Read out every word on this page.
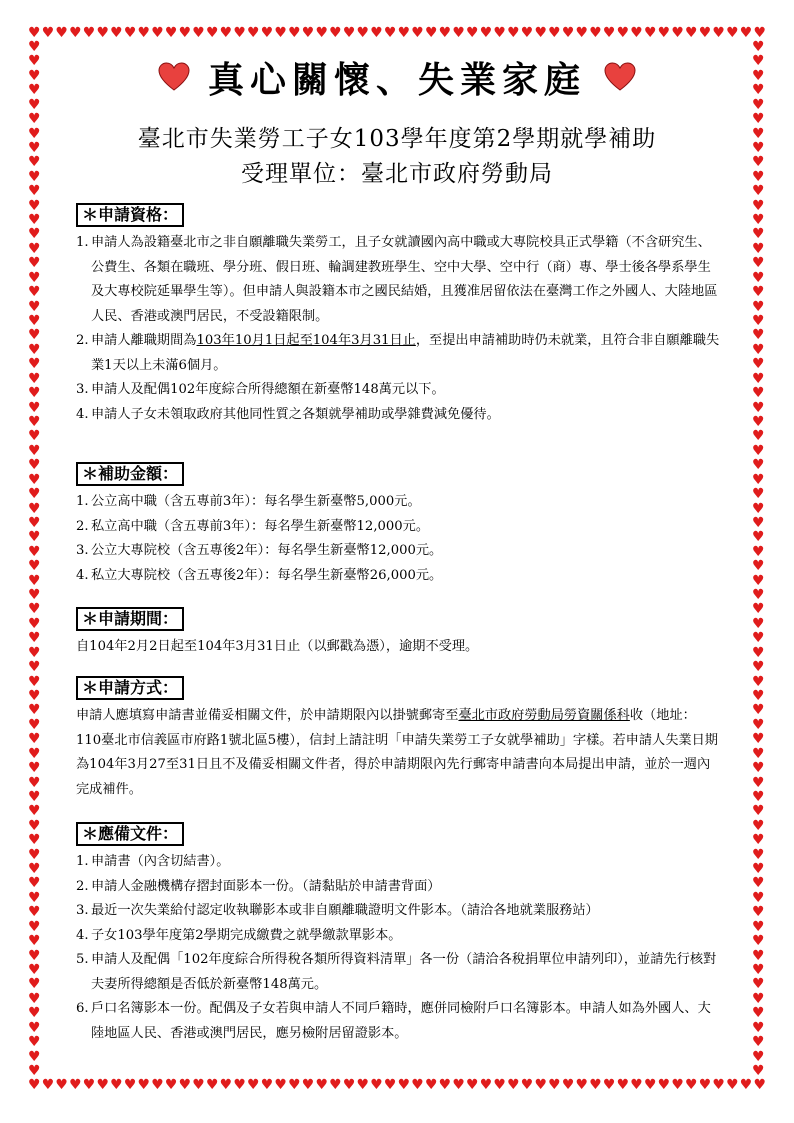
♥ ♥ ♥ ♥ ♥ ♥ ♥ ♥ ♥ ♥ ♥ ♥ ♥ ♥ ♥ ♥ ♥ ♥ ♥ ♥ ♥ ♥ ♥ ♥ ♥ ♥ ♥ ♥ ♥ ♥ ♥ ♥ ♥ ♥ ♥ ♥ ♥ ♥ ♥ ♥ ♥ ♥ ♥ ♥ ♥ ♥ ♥ ♥ ♥ ♥ ♥ ♥ ♥ ♥
♥ ♥ ♥ ♥ ♥ ♥ ♥ ♥ ♥ ♥ ♥ ♥ ♥ ♥ ♥ ♥ ♥ ♥ ♥ ♥ ♥ ♥ ♥ ♥ ♥ ♥ ♥ ♥ ♥ ♥ ♥ ♥ ♥ ♥ ♥ ♥ ♥ ♥ ♥ ♥ ♥ ♥ ♥ ♥ ♥ ♥ ♥ ♥ ♥ ♥ ♥ ♥ ♥ ♥
♥
♥
♥
♥
♥
♥
♥
♥
♥
♥
♥
♥
♥
♥
♥
♥
♥
♥
♥
♥
♥
♥
♥
♥
♥
♥
♥
♥
♥
♥
♥
♥
♥
♥
♥
♥
♥
♥
♥
♥
♥
♥
♥
♥
♥
♥
♥
♥
♥
♥
♥
♥
♥
♥
♥
♥
♥
♥
♥
♥
♥
♥
♥
♥
♥
♥
♥
♥
♥
♥
♥
♥
♥
♥
♥
♥
♥
♥
♥
♥
♥
♥
♥
♥
♥
♥
♥
♥
♥
♥
♥
♥
♥
♥
♥
♥
♥
♥
♥
♥
♥
♥
♥
♥
♥
♥
♥
♥
♥
♥
♥
♥
♥
♥
♥
♥
♥
♥
♥
♥
♥
♥
♥
♥
♥
♥
♥
♥
♥
♥
♥
♥
♥
♥
♥
♥
♥
♥
♥
♥
♥
♥
♥
♥
真心關懷、失業家庭
臺北市失業勞工子女103學年度第2學期就學補助
受理單位：臺北市政府勞動局
＊申請資格：
1. 申請人為設籍臺北市之非自願離職失業勞工，且子女就讀國內高中職或大專院校具正式學籍（不含研究生、公費生、各類在職班、學分班、假日班、輪調建教班學生、空中大學、空中行（商）專、學士後各學系學生及大專校院延畢學生等）。但申請人與設籍本市之國民結婚，且獲准居留依法在臺灣工作之外國人、大陸地區人民、香港或澳門居民，不受設籍限制。
2. 申請人離職期間為103年10月1日起至104年3月31日止，至提出申請補助時仍未就業，且符合非自願離職失業1天以上未滿6個月。
3. 申請人及配偶102年度綜合所得總額在新臺幣148萬元以下。
4. 申請人子女未領取政府其他同性質之各類就學補助或學雜費減免優待。
＊補助金額：
1. 公立高中職（含五專前3年）：每名學生新臺幣5,000元。
2. 私立高中職（含五專前3年）：每名學生新臺幣12,000元。
3. 公立大專院校（含五專後2年）：每名學生新臺幣12,000元。
4. 私立大專院校（含五專後2年）：每名學生新臺幣26,000元。
＊申請期間：
自104年2月2日起至104年3月31日止（以郵戳為憑），逾期不受理。
＊申請方式：
申請人應填寫申請書並備妥相關文件，於申請期限內以掛號郵寄至臺北市政府勞動局勞資關係科收（地址：110臺北市信義區市府路1號北區5樓），信封上請註明「申請失業勞工子女就學補助」字樣。若申請人失業日期為104年3月27至31日且不及備妥相關文件者，得於申請期限內先行郵寄申請書向本局提出申請，並於一週內完成補件。
＊應備文件：
1. 申請書（內含切結書）。
2. 申請人金融機構存摺封面影本一份。（請黏貼於申請書背面）
3. 最近一次失業給付認定收執聯影本或非自願離職證明文件影本。（請洽各地就業服務站）
4. 子女103學年度第2學期完成繳費之就學繳款單影本。
5. 申請人及配偶「102年度綜合所得稅各類所得資料清單」各一份（請洽各稅捐單位申請列印），並請先行核對夫妻所得總額是否低於新臺幣148萬元。
6. 戶口名簿影本一份。配偶及子女若與申請人不同戶籍時，應併同檢附戶口名簿影本。申請人如為外國人、大陸地區人民、香港或澳門居民，應另檢附居留證影本。
